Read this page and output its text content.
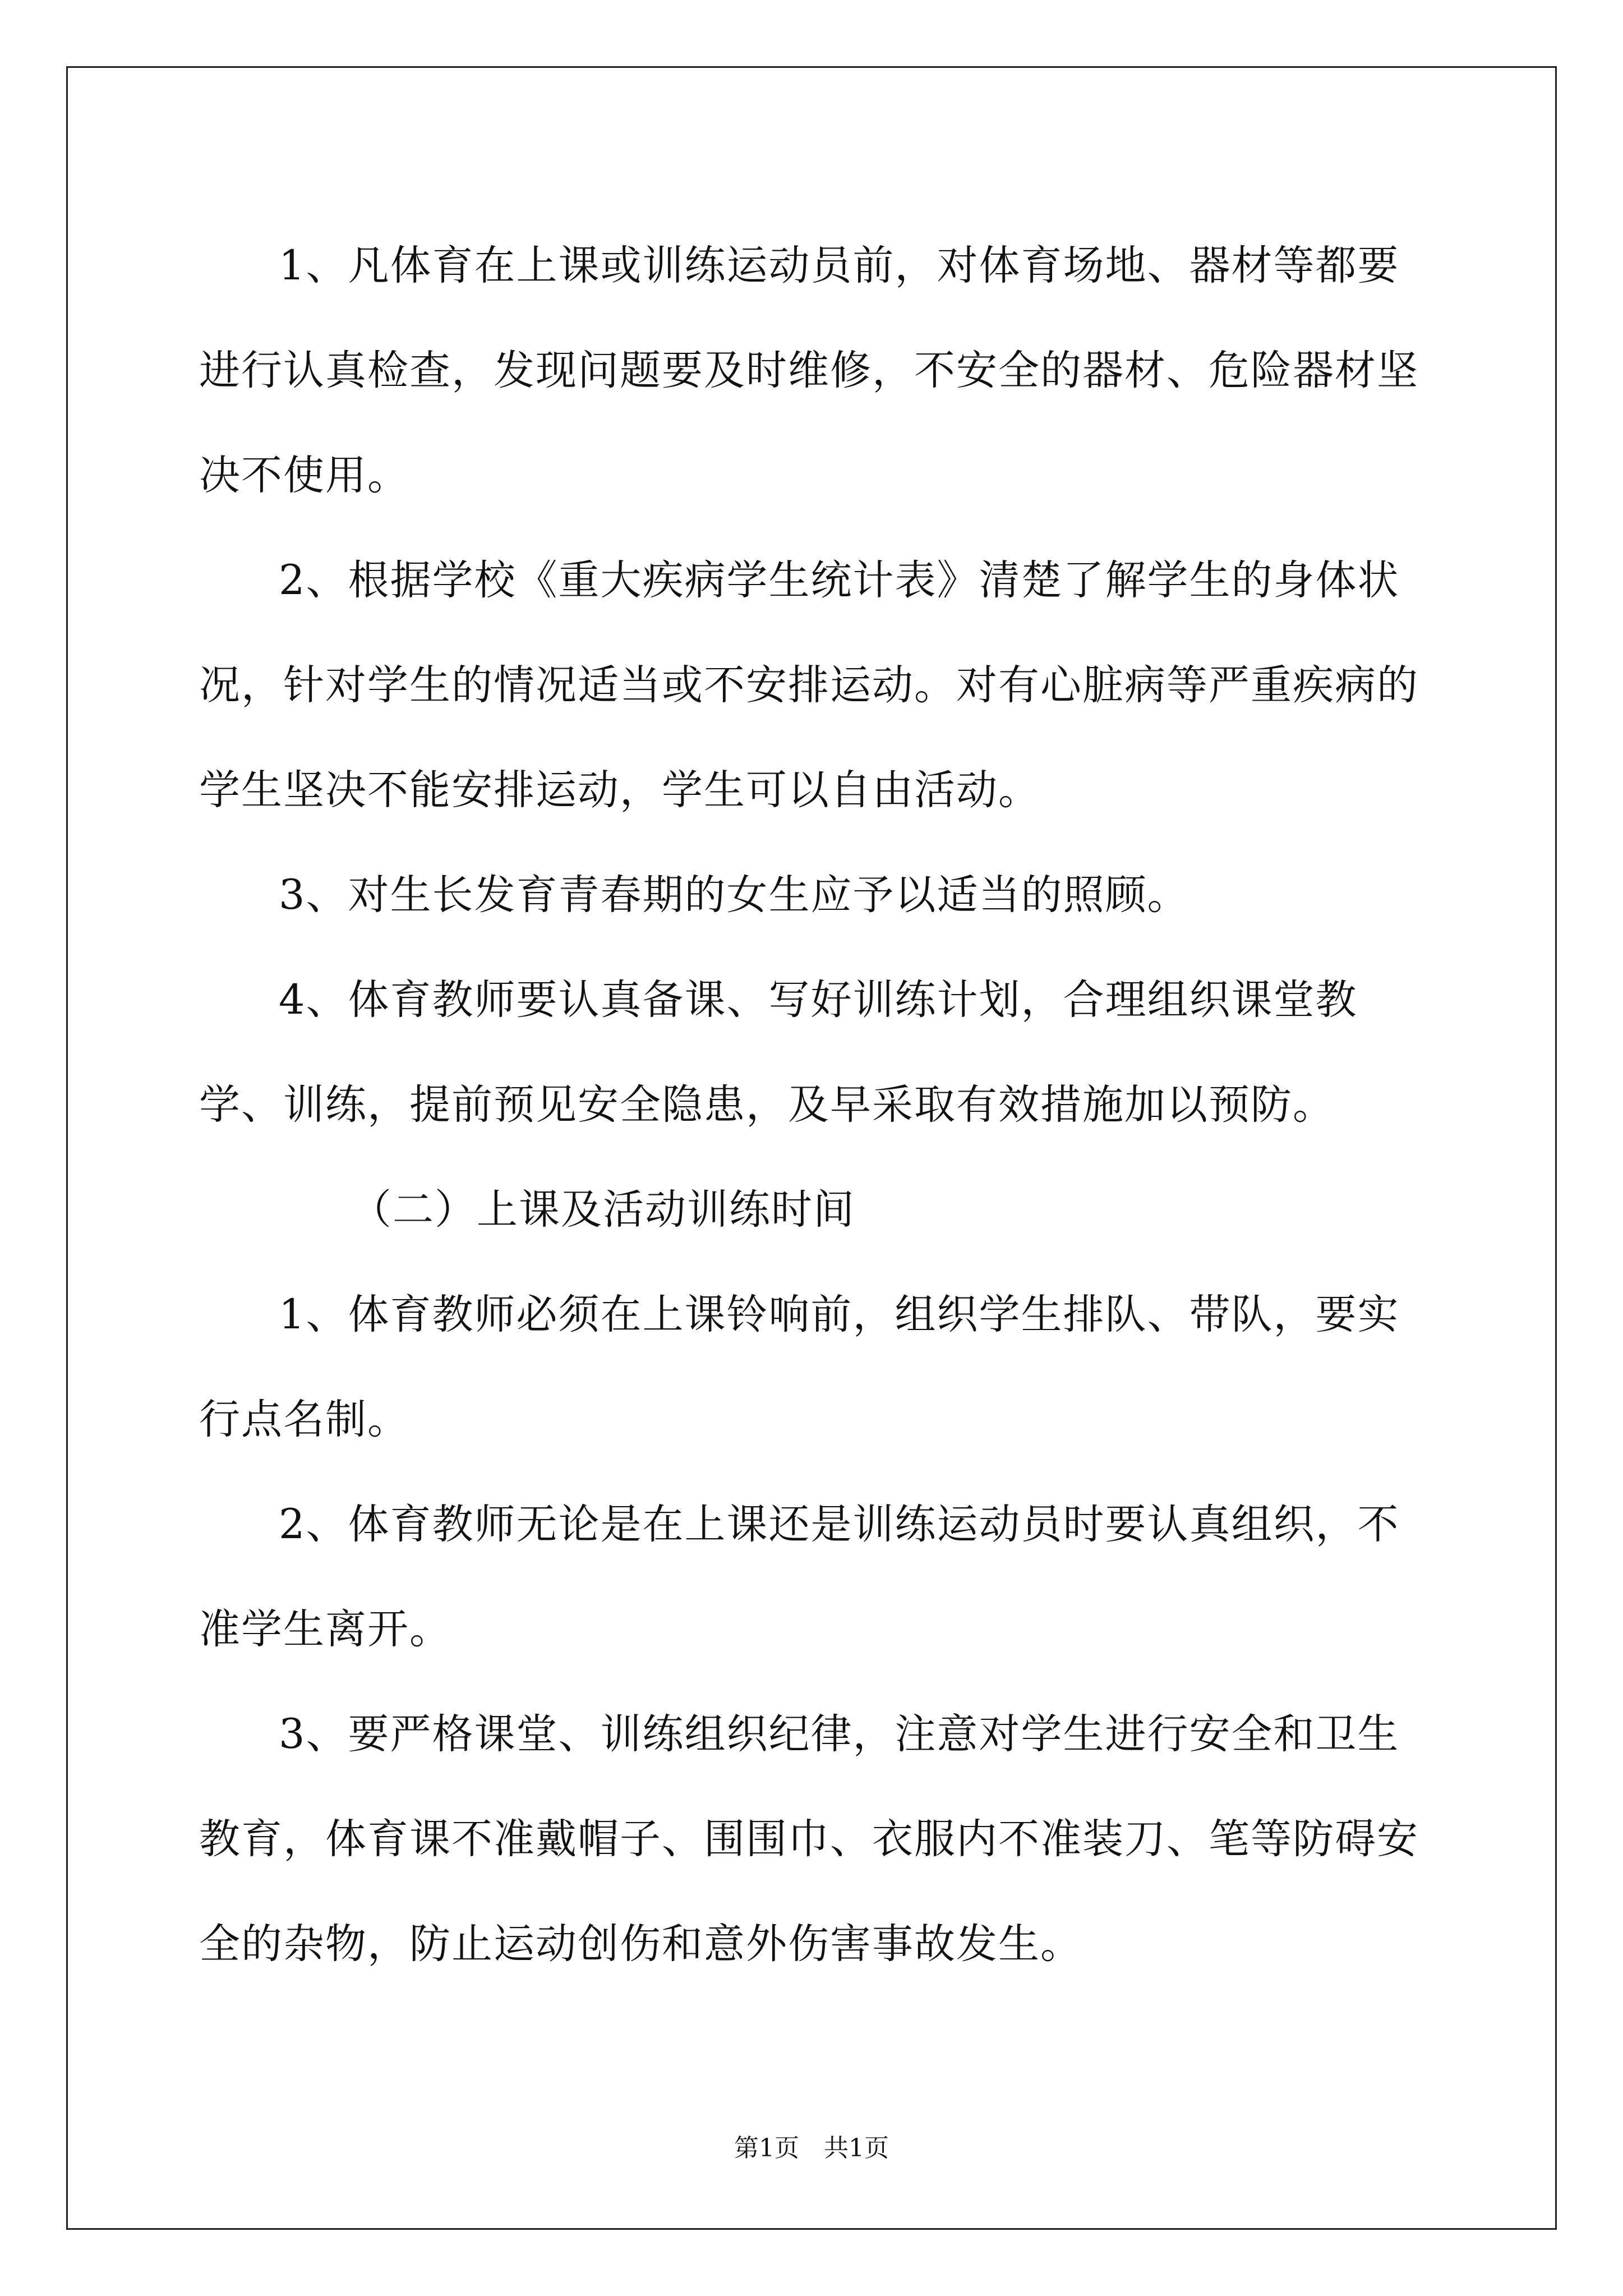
1、凡体育在上课或训练运动员前，对体育场地、器材等都要进行认真检查，发现问题要及时维修，不安全的器材、危险器材坚决不使用。

2、根据学校《重大疾病学生统计表》清楚了解学生的身体状况，针对学生的情况适当或不安排运动。对有心脏病等严重疾病的学生坚决不能安排运动，学生可以自由活动。

3、对生长发育青春期的女生应予以适当的照顾。

4、体育教师要认真备课、写好训练计划，合理组织课堂教学、训练，提前预见安全隐患，及早采取有效措施加以预防。

（二）上课及活动训练时间

1、体育教师必须在上课铃响前，组织学生排队、带队，要实行点名制。

2、体育教师无论是在上课还是训练运动员时要认真组织，不准学生离开。

3、要严格课堂、训练组织纪律，注意对学生进行安全和卫生教育，体育课不准戴帽子、围围巾、衣服内不准装刀、笔等防碍安全的杂物，防止运动创伤和意外伤害事故发生。

第1页　共1页
